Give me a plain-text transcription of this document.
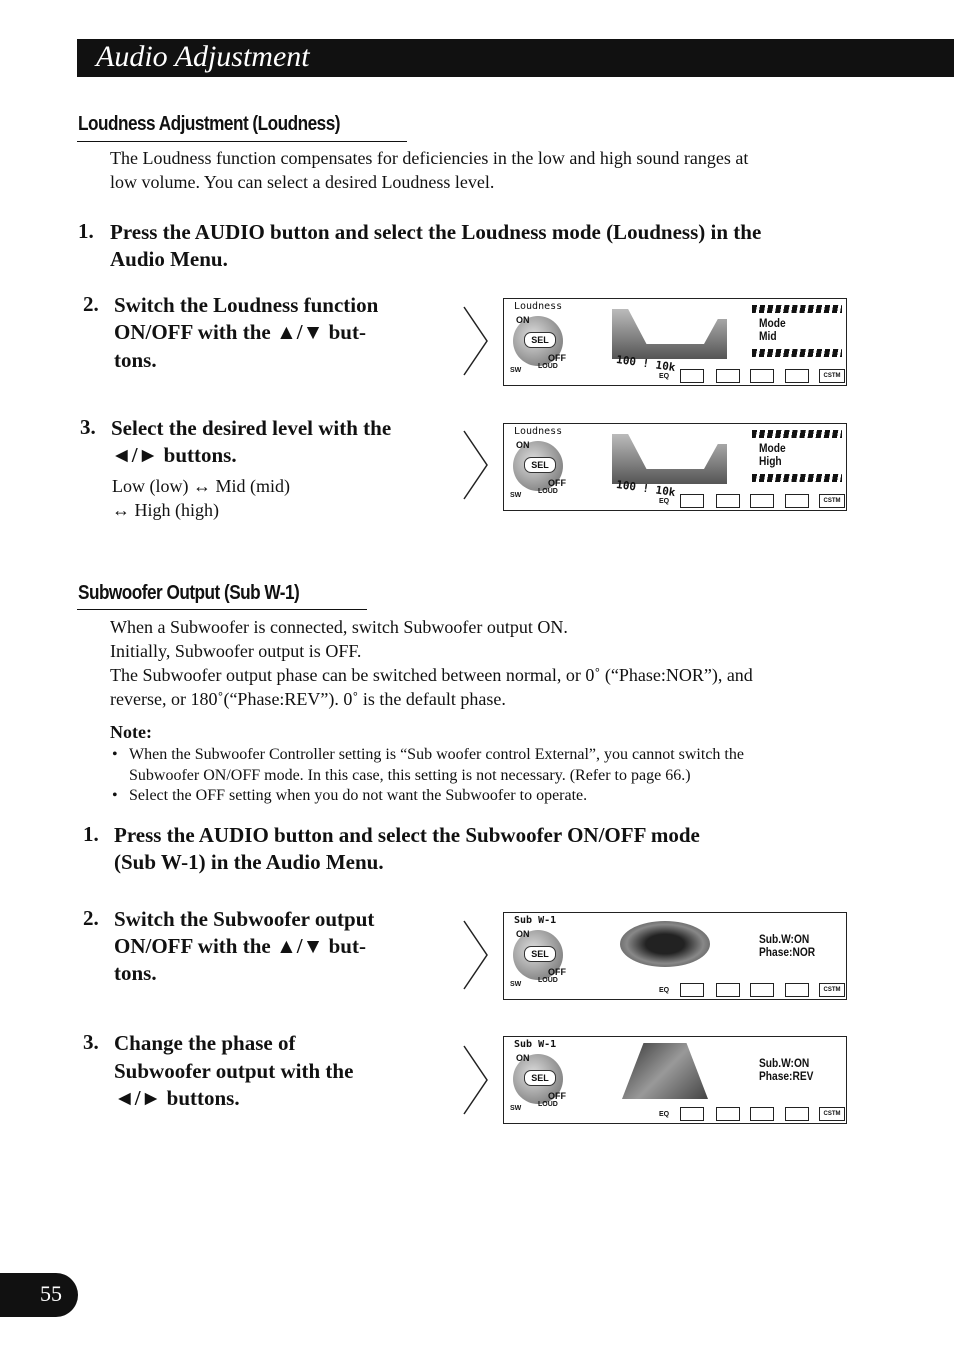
Audio Adjustment
Loudness Adjustment (Loudness)
The Loudness function compensates for deficiencies in the low and high sound ranges at
low volume. You can select a desired Loudness level.
1. Press the AUDIO button and select the Loudness mode (Loudness) in the
Audio Menu.
2. Switch the Loudness function
ON/OFF with the ▲/▼ but-
tons.
Loudness
ON
SEL
OFF
SW
LOUD	100 ! 10k
Mode
Mid
EQ	CSTM
3. Select the desired level with the
◄/► buttons.
Low (low) ↔ Mid (mid)
↔ High (high)
Loudness
ON
SEL
OFF
SW
LOUD	100 ! 10k
Mode
High
EQ	CSTM
Subwoofer Output (Sub W-1)
When a Subwoofer is connected, switch Subwoofer output ON.
Initially, Subwoofer output is OFF.
The Subwoofer output phase can be switched between normal, or 0˚ (“Phase:NOR”), and
reverse, or 180˚(“Phase:REV”). 0˚ is the default phase.
Note:
• When the Subwoofer Controller setting is “Sub woofer control External”, you cannot switch the
Subwoofer ON/OFF mode. In this case, this setting is not necessary. (Refer to page 66.)
• Select the OFF setting when you do not want the Subwoofer to operate.
1. Press the AUDIO button and select the Subwoofer ON/OFF mode
(Sub W-1) in the Audio Menu.
2. Switch the Subwoofer output
ON/OFF with the ▲/▼ but-
tons.
Sub W-1
ON
SEL
OFF
SW
LOUD
Sub.W:ON
Phase:NOR
EQ	CSTM
3. Change the phase of
Subwoofer output with the
◄/► buttons.
Sub W-1
ON
SEL
OFF
SW
LOUD
Sub.W:ON
Phase:REV
EQ	CSTM
55
